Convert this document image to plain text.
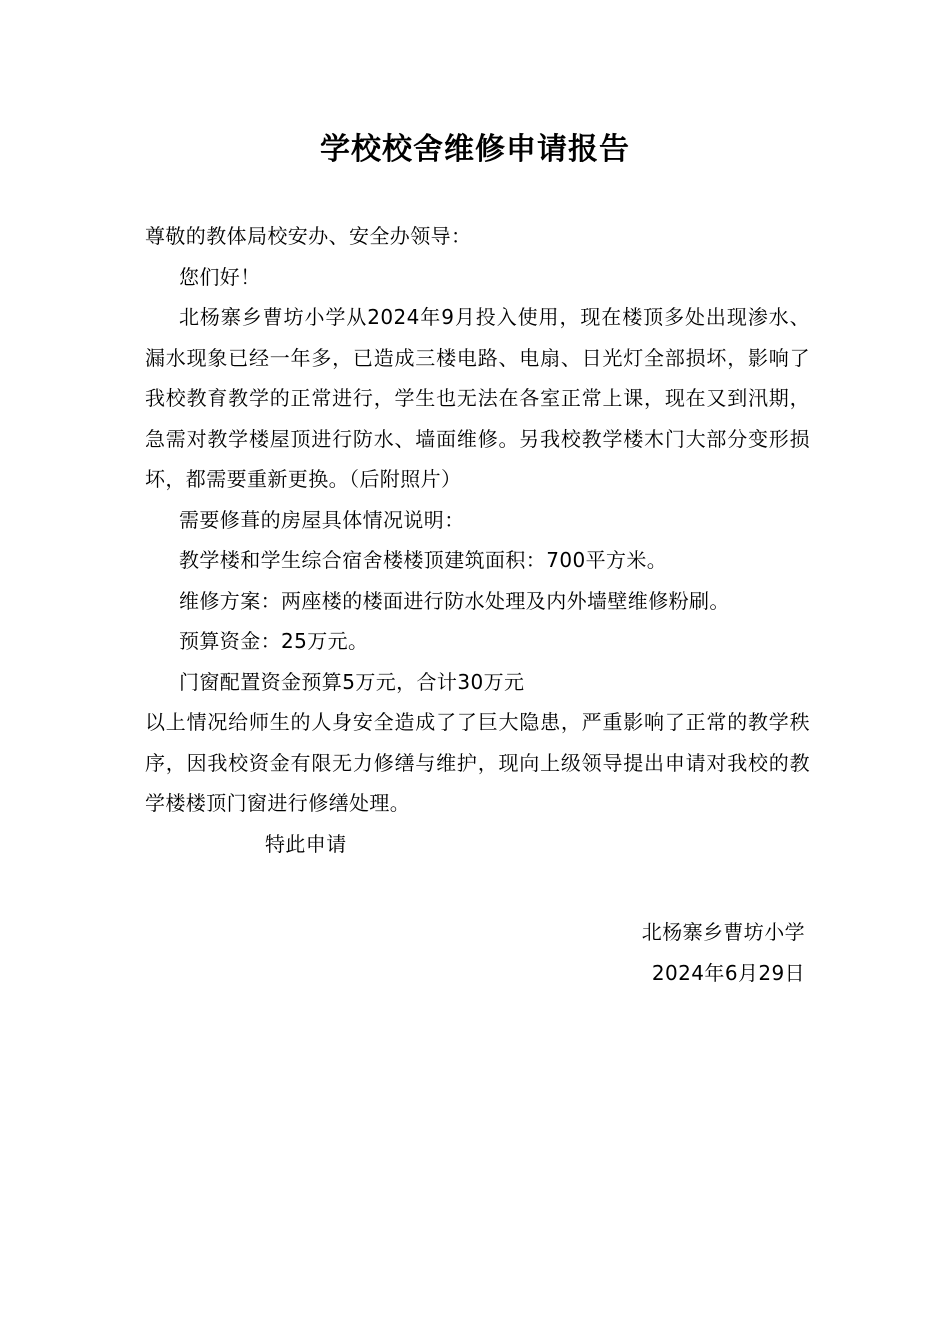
学校校舍维修申请报告

尊敬的教体局校安办、安全办领导：

您们好！

北杨寨乡曹坊小学从2024年9月投入使用，现在楼顶多处出现渗水、漏水现象已经一年多，已造成三楼电路、电扇、日光灯全部损坏，影响了我校教育教学的正常进行，学生也无法在各室正常上课，现在又到汛期，急需对教学楼屋顶进行防水、墙面维修。另我校教学楼木门大部分变形损坏，都需要重新更换。（后附照片）

需要修葺的房屋具体情况说明：

教学楼和学生综合宿舍楼楼顶建筑面积：700平方米。

维修方案：两座楼的楼面进行防水处理及内外墙壁维修粉刷。

预算资金：25万元。

门窗配置资金预算5万元，合计30万元

以上情况给师生的人身安全造成了了巨大隐患，严重影响了正常的教学秩序，因我校资金有限无力修缮与维护，现向上级领导提出申请对我校的教学楼楼顶门窗进行修缮处理。

特此申请

北杨寨乡曹坊小学
2024年6月29日
